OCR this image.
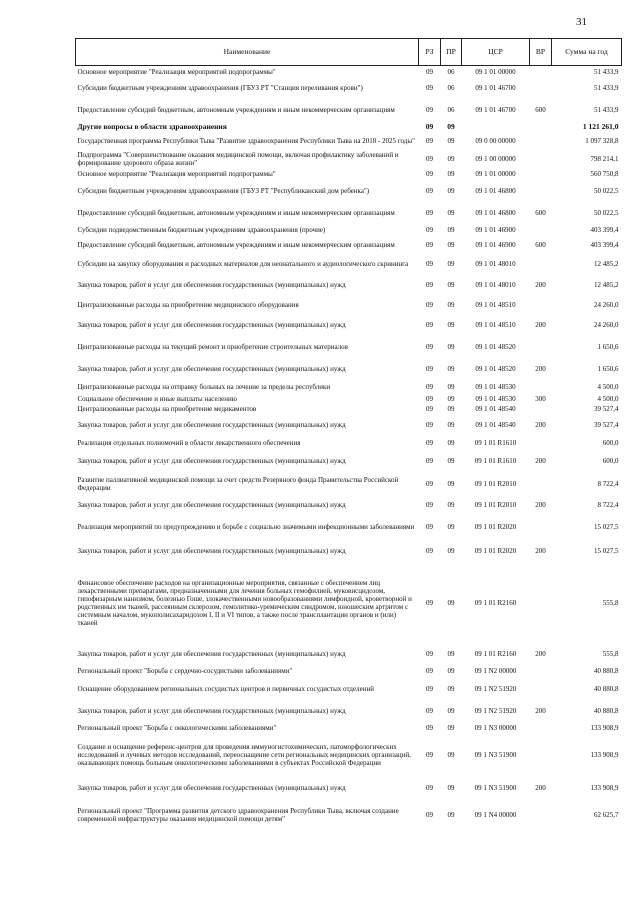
31
Наименование	РЗ	ПР	ЦСР	ВР	Сумма на год
Основное мероприятие "Реализация мероприятий подпрограммы"	09	06	09 1 01 00000		51 433,9
Субсидии бюджетным учреждениям здравоохранения (ГБУЗ РТ "Станция переливания крови")	09	06	09 1 01 46700		51 433,9
Предоставление субсидий бюджетным, автономным учреждениям и иным некоммерческим организациям	09	06	09 1 01 46700	600	51 433,9
Другие вопросы в области здравоохранения	09	09			1 121 261,0
Государственная программа Республики Тыва "Развитие здравоохранения Республики Тыва на 2018 - 2025 годы"	09	09	09 0 00 00000		1 097 328,8
Подпрограмма "Совершенствование оказания медицинской помощи, включая профилактику заболеваний и формирование здорового образа жизни"	09	09	09 1 00 00000		798 214,1
Основное мероприятие "Реализация мероприятий подпрограммы"	09	09	09 1 01 00000		560 750,8
Субсидии бюджетным учреждениям здравоохранения (ГБУЗ РТ "Республиканский дом ребенка")	09	09	09 1 01 46800		50 022,5
Предоставление субсидий бюджетным, автономным учреждениям и иным некоммерческим организациям	09	09	09 1 01 46800	600	50 022,5
Субсидии подведомственным бюджетным учреждениям здравоохранения (прочие)	09	09	09 1 01 46900		403 399,4
Предоставление субсидий бюджетным, автономным учреждениям и иным некоммерческим организациям	09	09	09 1 01 46900	600	403 399,4
Субсидии на закупку оборудования и расходных материалов для неонатального и аудиологического скрининга	09	09	09 1 01 48010		12 485,2
Закупка товаров, работ и услуг для обеспечения государственных (муниципальных) нужд	09	09	09 1 01 48010	200	12 485,2
Централизованные расходы на приобретение медицинского оборудования	09	09	09 1 01 48510		24 260,0
Закупка товаров, работ и услуг для обеспечения государственных (муниципальных) нужд	09	09	09 1 01 48510	200	24 260,0
Централизованные расходы на текущий ремонт и приобретение строительных материалов	09	09	09 1 01 48520		1 650,6
Закупка товаров, работ и услуг для обеспечения государственных (муниципальных) нужд	09	09	09 1 01 48520	200	1 650,6
Централизованные расходы на отправку больных на лечение за пределы республики	09	09	09 1 01 48530		4 500,0
Социальное обеспечение и иные выплаты населению	09	09	09 1 01 48530	300	4 500,0
Централизованные расходы на приобретение медикаментов	09	09	09 1 01 48540		39 527,4
Закупка товаров, работ и услуг для обеспечения государственных (муниципальных) нужд	09	09	09 1 01 48540	200	39 527,4
Реализация отдельных полномочий в области лекарственного обеспечения	09	09	09 1 01 R1610		600,0
Закупка товаров, работ и услуг для обеспечения государственных (муниципальных) нужд	09	09	09 1 01 R1610	200	600,0
Развитие паллиативной медицинской помощи за счет средств Резервного фонда Правительства Российской Федерации	09	09	09 1 01 R2010		8 722,4
Закупка товаров, работ и услуг для обеспечения государственных (муниципальных) нужд	09	09	09 1 01 R2010	200	8 722,4
Реализация мероприятий по предупреждению и борьбе с социально значимыми инфекционными заболеваниями	09	09	09 1 01 R2020		15 027,5
Закупка товаров, работ и услуг для обеспечения государственных (муниципальных) нужд	09	09	09 1 01 R2020	200	15 027,5
Финансовое обеспечение расходов на организационные мероприятия, связанные с обеспечением лиц лекарственными препаратами, предназначенными для лечения больных гемофилией, муковисцидозом, гипофизарным нанизмом, болезнью Гоше, злокачественными новообразованиями лимфоидной, кроветворной и родственных им тканей, рассеянным склерозом, гемолитико-уремическим синдромом, юношеским артритом с системным началом, мукополисахаридозом I, II и VI типов, а также после трансплантации органов и (или) тканей	09	09	09 1 01 R2160		555,8
Закупка товаров, работ и услуг для обеспечения государственных (муниципальных) нужд	09	09	09 1 01 R2160	200	555,8
Региональный проект "Борьба с сердечно-сосудистыми заболеваниями"	09	09	09 1 N2 00000		40 880,8
Оснащение оборудованием региональных сосудистых центров и первичных сосудистых отделений	09	09	09 1 N2 51920		40 880,8
Закупка товаров, работ и услуг для обеспечения государственных (муниципальных) нужд	09	09	09 1 N2 51920	200	40 880,8
Региональный проект "Борьба с онкологическими заболеваниями"	09	09	09 1 N3 00000		133 908,9
Создание и оснащение референс-центров для проведения иммуногистохимических, патоморфологических исследований и лучевых методов исследований, переоснащение сети региональных медицинских организаций, оказывающих помощь больным онкологическими заболеваниями в субъектах Российской Федерации	09	09	09 1 N3 51900		133 908,9
Закупка товаров, работ и услуг для обеспечения государственных (муниципальных) нужд	09	09	09 1 N3 51900	200	133 908,9
Региональный проект "Программа развития детского здравоохранения Республики Тыва, включая создание современной инфраструктуры оказания медицинской помощи детям"	09	09	09 1 N4 00000		62 625,7
